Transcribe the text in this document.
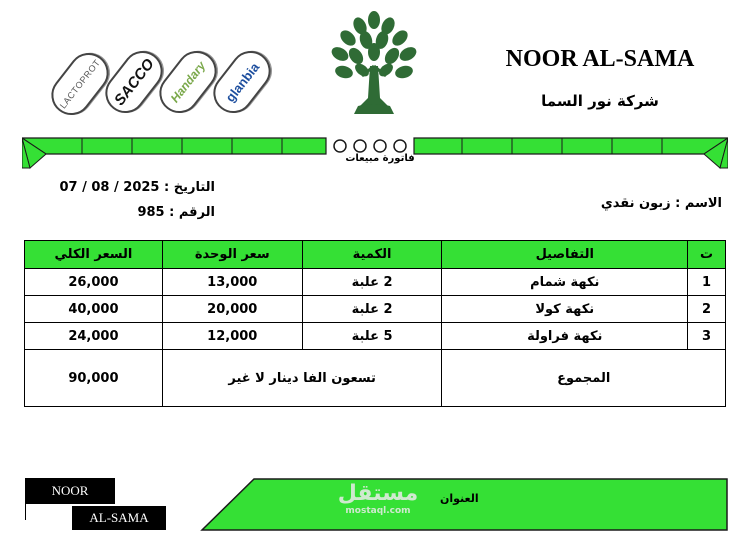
LACTOPROT SACCO Handary	glanbia
NOOR AL-SAMA
شركة نور السما
فاتورة مبيعات
التاريخ : 2025 / 08 / 07
الرقم : 985
الاسم : زبون نقدي
ت	التفاصيل	الكمية	سعر الوحدة	السعر الكلي
1	نكهة شمام	2 علبة	13,000	26,000
2	نكهة كولا	2 علبة	20,000	40,000
3	نكهة فراولة	5 علبة	12,000	24,000
المجموع		تسعون الفا دينار لا غير		90,000
مستقل
mostaql.com
العنوان
NOOR
AL-SAMA
